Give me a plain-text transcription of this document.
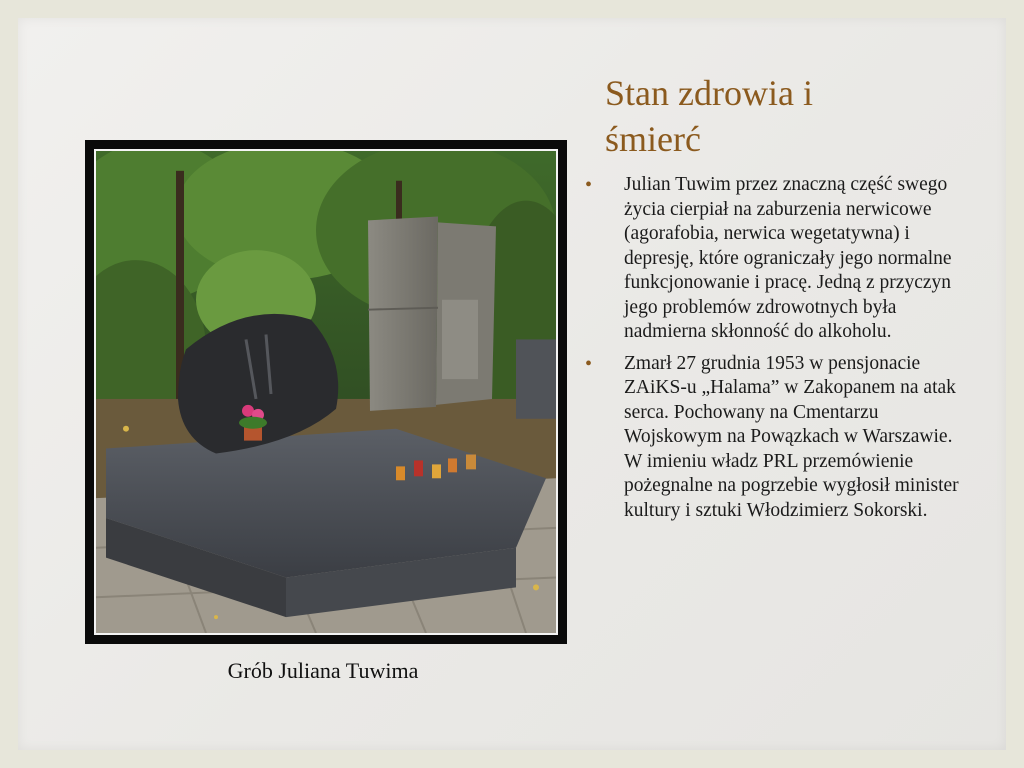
Stan zdrowia i
śmierć
• Julian Tuwim przez znaczną część swego życia cierpiał na zaburzenia nerwicowe (agorafobia, nerwica wegetatywna) i depresję, które ograniczały jego normalne funkcjonowanie i pracę. Jedną z przyczyn jego problemów zdrowotnych była nadmierna skłonność do alkoholu.
• Zmarł 27 grudnia 1953 w pensjonacie ZAiKS-u „Halama” w Zakopanem na atak serca. Pochowany na Cmentarzu Wojskowym na Powązkach w Warszawie. W imieniu władz PRL przemówienie pożegnalne na pogrzebie wygłosił minister kultury i sztuki Włodzimierz Sokorski.
Grób Juliana Tuwima
